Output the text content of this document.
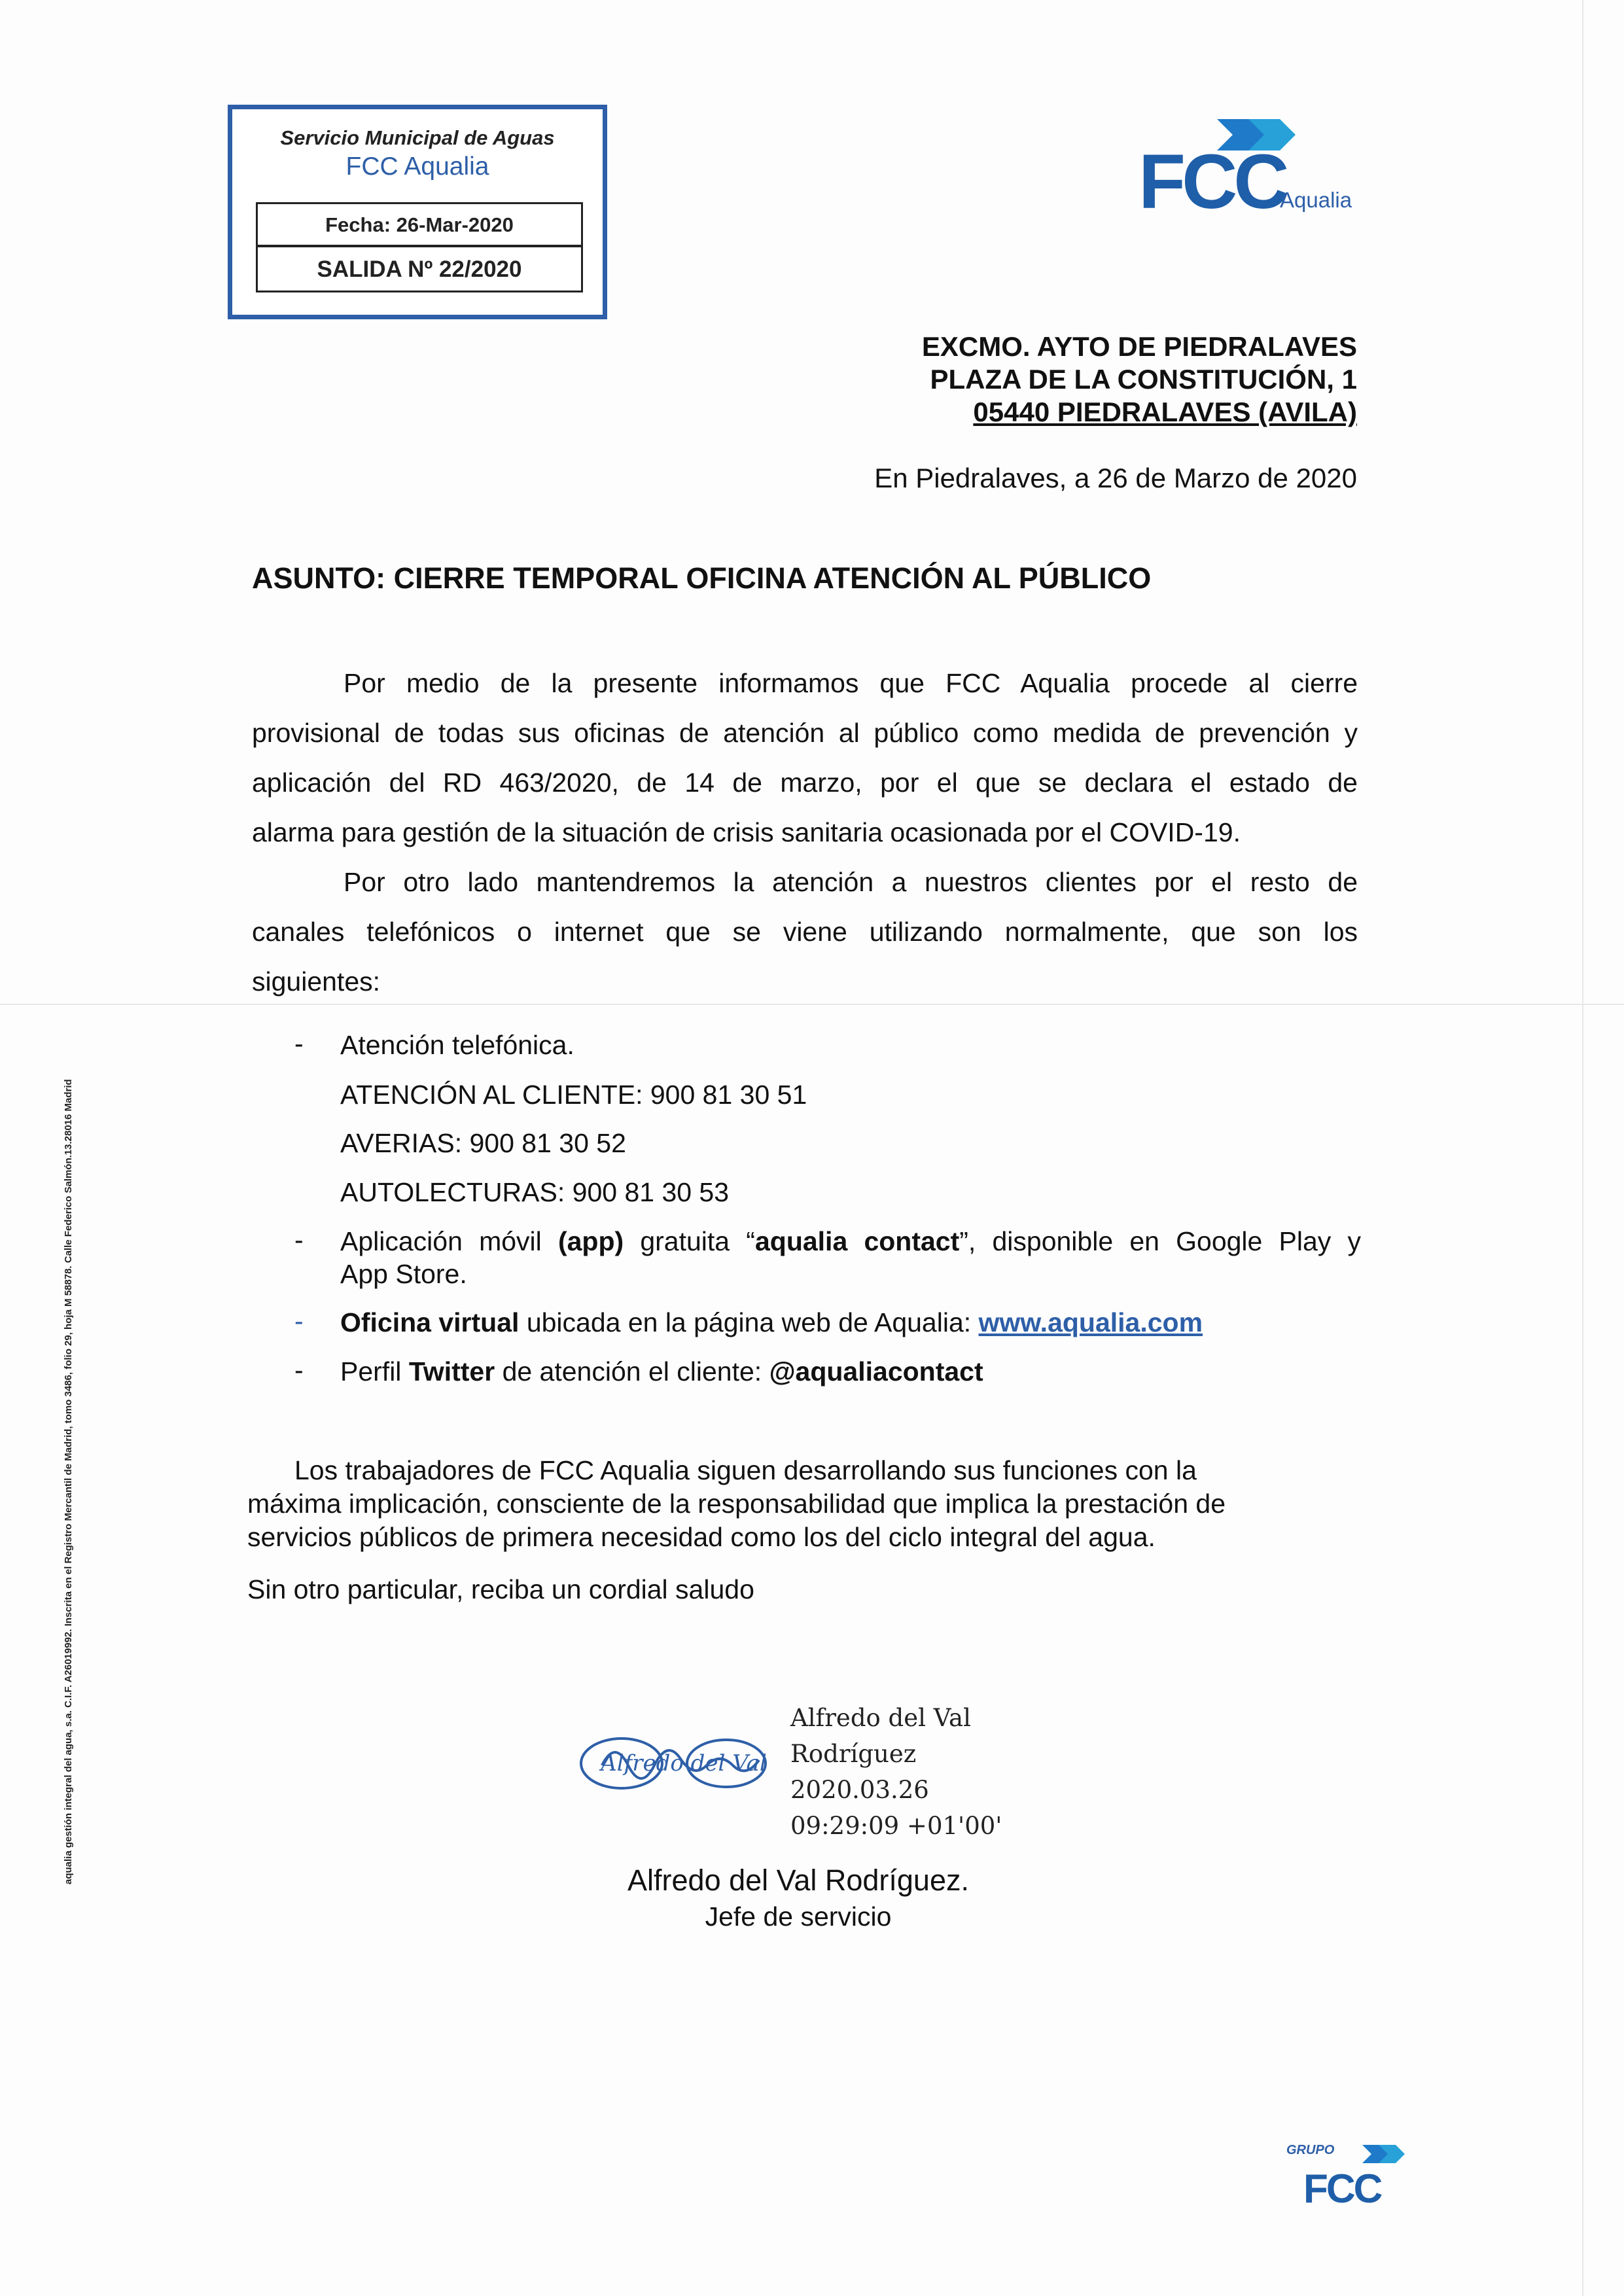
Servicio Municipal de Aguas
FCC Aqualia
Fecha: 26-Mar-2020
SALIDA Nº 22/2020
FCC
Aqualia
EXCMO. AYTO DE PIEDRALAVES
PLAZA DE LA CONSTITUCIÓN, 1
05440 PIEDRALAVES (AVILA)
En Piedralaves, a 26 de Marzo de 2020
ASUNTO: CIERRE TEMPORAL OFICINA ATENCIÓN AL PÚBLICO
Por medio de la presente informamos que FCC Aqualia procede al cierre
provisional de todas sus oficinas de atención al público como medida de prevención y
aplicación del RD 463/2020, de 14 de marzo, por el que se declara el estado de
alarma para gestión de la situación de crisis sanitaria ocasionada por el COVID-19.
Por otro lado mantendremos la atención a nuestros clientes por el resto de
canales telefónicos o internet que se viene utilizando normalmente, que son los
siguientes:
- Atención telefónica.
ATENCIÓN AL CLIENTE: 900 81 30 51
AVERIAS: 900 81 30 52
AUTOLECTURAS: 900 81 30 53
- Aplicación móvil (app) gratuita “aqualia contact”, disponible en Google Play y
App Store.
- Oficina virtual ubicada en la página web de Aqualia: www.aqualia.com
- Perfil Twitter de atención el cliente: @aqualiacontact
Los trabajadores de FCC Aqualia siguen desarrollando sus funciones con la
máxima implicación, consciente de la responsabilidad que implica la prestación de
servicios públicos de primera necesidad como los del ciclo integral del agua.
Sin otro particular, reciba un cordial saludo
Alfredo del Val
Alfredo del Val
Rodríguez
2020.03.26
09:29:09 +01'00'
Alfredo del Val Rodríguez.
Jefe de servicio
GRUPO
FCC
aqualia gestión integral del agua, s.a. C.I.F. A26019992. Inscrita en el Registro Mercantil de Madrid, tomo 3486, folio 29, hoja M 58878. Calle Federico Salmón.13.28016 Madrid
